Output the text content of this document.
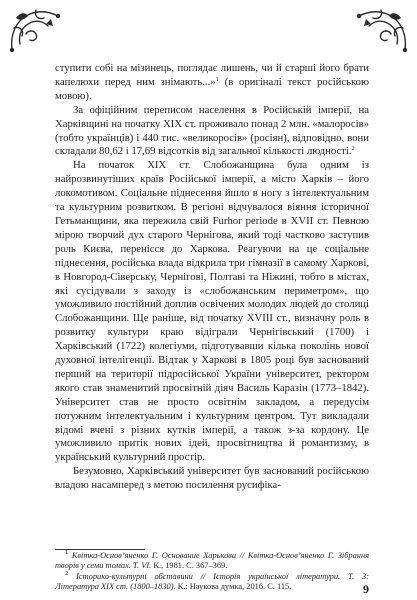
ступити собі на мізинець, поглядає лишень, чи й старші його брати капелюхи перед ним знімають...»$^1$ (в оригіналі текст російською мовою).

За офіційним переписом населення в Російській імперії, на Харківщині на початку XIX ст. проживало понад 2 млн. «малоросів» (тобто українців) і 440 тис. «великоросів» (росіян), відповідно, вони складали 80,62 і 17,69 відсотків від загальної кількості людності.$^2$

На початок XIX ст. Слобожанщина була одним із найрозвинутіших країв Російської імперії, а місто Харків – його локомотивом. Соціальне піднесення йшло в ногу з інтелектуальним та культурним розвитком. В регіоні відчувалося віяння історичної Гетьманщини, яка пережила свій Furhor periode в XVII ст. Певною мірою творчий дух старого Чернігова, який тоді частково заступив роль Києва, перенісся до Харкова. Реагуючи на це соціальне піднесення, російська влада відкрила три гімназії в самому Харкові, в Новгород-Сіверську, Чернігові, Полтаві та Ніжині, тобто в містах, які сусідували з заходу із «слобожанським периметром», що уможливило постійний доплив освічених молодих людей до столиці Слобожанщини. Ще раніше, від початку XVIII ст., визначну роль в розвитку культури краю відіграли Чернігівський (1700) і Харківський (1722) колегіуми, підготувавши кілька поколінь нової духовної інтелігенції. Відтак у Харкові в 1805 році був заснований перший на території підросійської України університет, ректором якого став знаменитий просвітній діяч Василь Каразін (1773–1842). Університет став не просто освітнім закладом, а передусім потужним інтелектуальним і культурним центром. Тут викладали відомі вчені з різних кутків імперії, а також з-за кордону. Це уможливило притік нових ідей, просвітництва й романтизму, в український культурний простір.

Безумовно, Харківський університет був заснований російською владою насамперед з метою посилення русифіка-

$^1$ Квітка-Основ’яненко Г. Основание Харькова // Квітка-Основ’яненко Г. Зібрання творів у семи томах. Т. VI. К., 1981. С. 367–369.

$^2$ Історико-культурні обставини // Історія української літератури. Т. 3: Література XIX ст. (1800–1830). К.: Наукова думка, 2016. С. 115.	9
